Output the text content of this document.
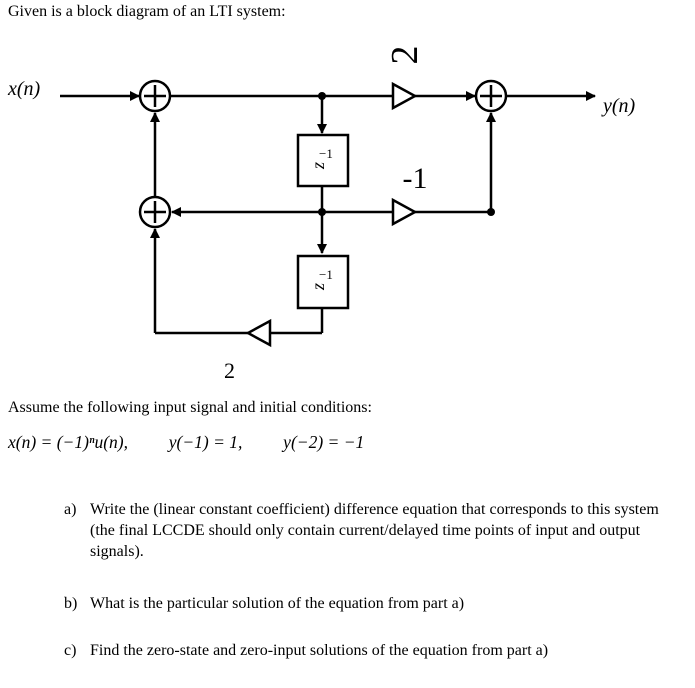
Given is a block diagram of an LTI system:
x(n)
2
y(n)
z
−1
-1
z
−1
2
Assume the following input signal and initial conditions:
x(n) = (−1)ⁿu(n), y(−1) = 1, y(−2) = −1
a) Write the (linear constant coefficient) difference equation that corresponds to this system (the final LCCDE should only contain current/delayed time points of input and output signals).
b) What is the particular solution of the equation from part a)
c) Find the zero-state and zero-input solutions of the equation from part a)
